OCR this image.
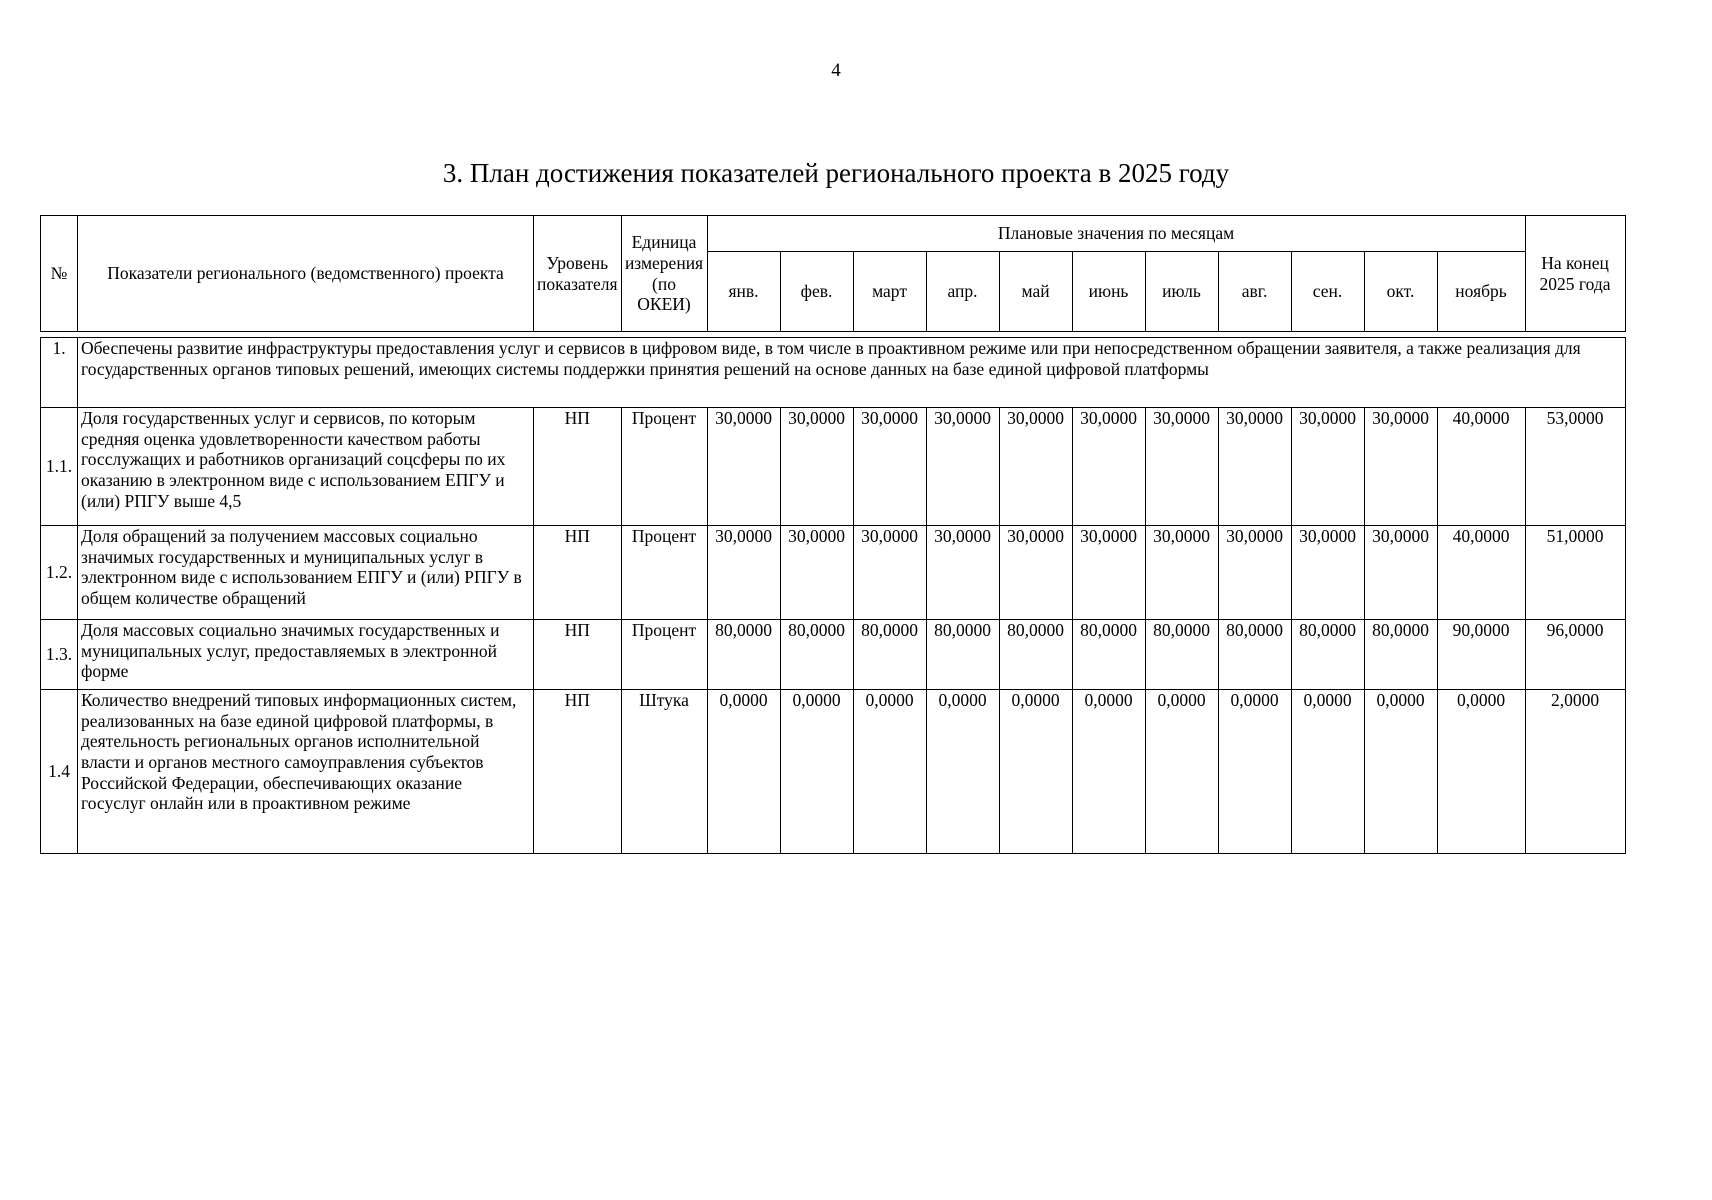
4
3. План достижения показателей регионального проекта в 2025 году
№	Показатели регионального (ведомственного) проекта	Уровень показателя	Единица измерения (по ОКЕИ)	Плановые значения по месяцам											На конец 2025 года
				янв.	фев.	март	апр.	май	июнь	июль	авг.	сен.	окт.	ноябрь	

1.	Обеспечены развитие инфраструктуры предоставления услуг и сервисов в цифровом виде, в том числе в проактивном режиме или при непосредственном обращении заявителя, а также реализация для государственных органов типовых решений, имеющих системы поддержки принятия решений на основе данных на базе единой цифровой платформы														
1.1.	Доля государственных услуг и сервисов, по которым средняя оценка удовлетворенности качеством работы госслужащих и работников организаций соцсферы по их оказанию в электронном виде с использованием ЕПГУ и (или) РПГУ выше 4,5	НП	Процент	30,0000	30,0000	30,0000	30,0000	30,0000	30,0000	30,0000	30,0000	30,0000	30,0000	40,0000	53,0000
1.2.	Доля обращений за получением массовых социально значимых государственных и муниципальных услуг в электронном виде с использованием ЕПГУ и (или) РПГУ в общем количестве обращений	НП	Процент	30,0000	30,0000	30,0000	30,0000	30,0000	30,0000	30,0000	30,0000	30,0000	30,0000	40,0000	51,0000
1.3.	Доля массовых социально значимых государственных и муниципальных услуг, предоставляемых в электронной форме	НП	Процент	80,0000	80,0000	80,0000	80,0000	80,0000	80,0000	80,0000	80,0000	80,0000	80,0000	90,0000	96,0000
1.4	Количество внедрений типовых информационных систем, реализованных на базе единой цифровой платформы, в деятельность региональных органов исполнительной власти и органов местного самоуправления субъектов Российской Федерации, обеспечивающих оказание госуслуг онлайн или в проактивном режиме	НП	Штука	0,0000	0,0000	0,0000	0,0000	0,0000	0,0000	0,0000	0,0000	0,0000	0,0000	0,0000	2,0000
